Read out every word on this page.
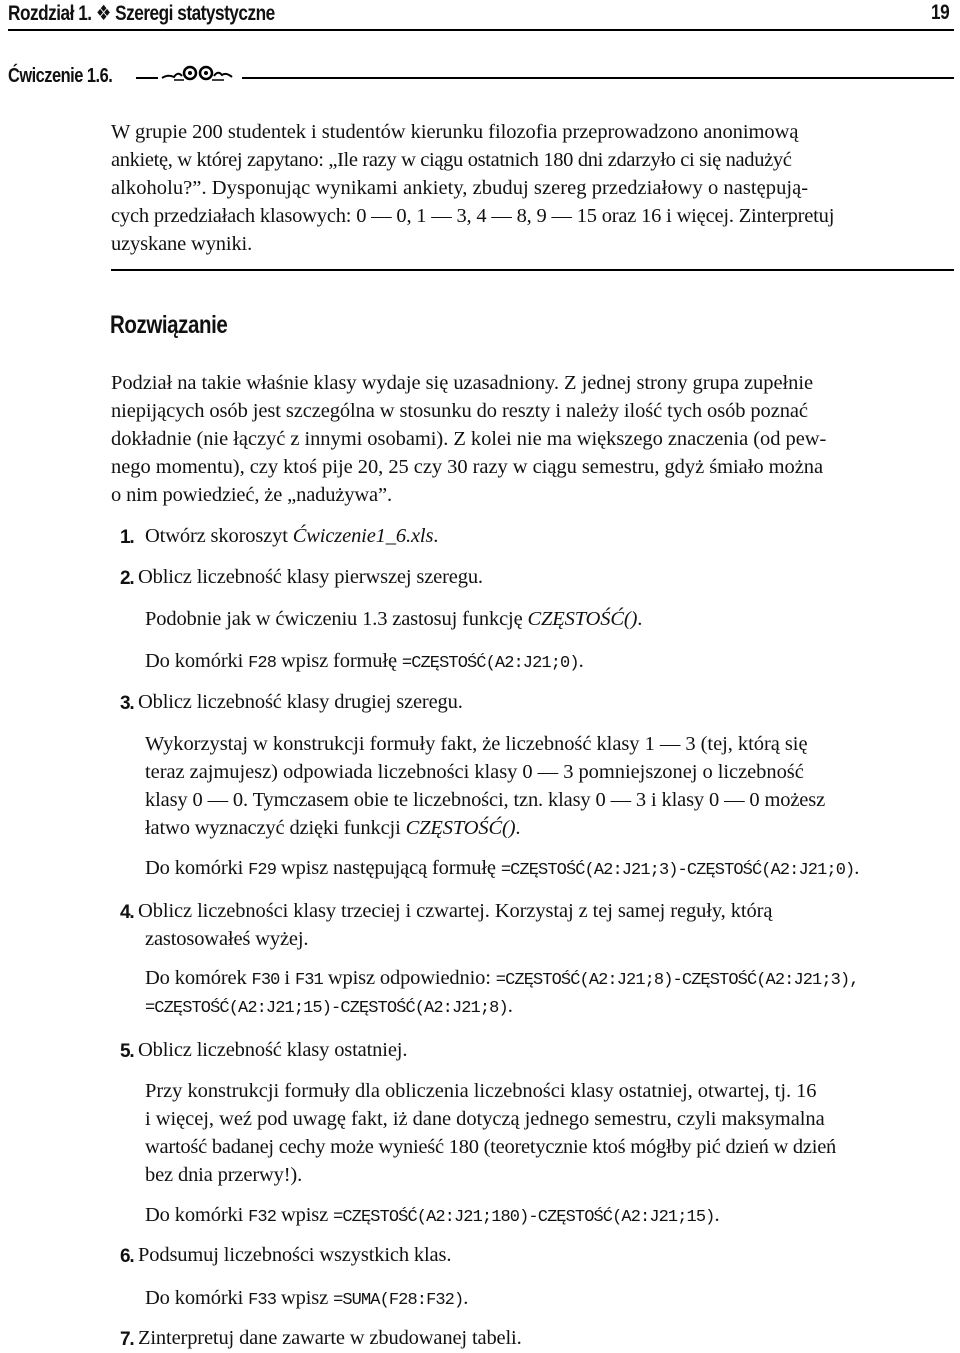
Rozdział 1. ❖ Szeregi statystyczne	19
Ćwiczenie 1.6.
W grupie 200 studentek i studentów kierunku filozofia przeprowadzono anonimową
ankietę, w której zapytano: „Ile razy w ciągu ostatnich 180 dni zdarzyło ci się nadużyć
alkoholu?”. Dysponując wynikami ankiety, zbuduj szereg przedziałowy o następują-
cych przedziałach klasowych: 0 — 0, 1 — 3, 4 — 8, 9 — 15 oraz 16 i więcej. Zinterpretuj
uzyskane wyniki.
Rozwiązanie
Podział na takie właśnie klasy wydaje się uzasadniony. Z jednej strony grupa zupełnie
niepijących osób jest szczególna w stosunku do reszty i należy ilość tych osób poznać
dokładnie (nie łączyć z innymi osobami). Z kolei nie ma większego znaczenia (od pew-
nego momentu), czy ktoś pije 20, 25 czy 30 razy w ciągu semestru, gdyż śmiało można
o nim powiedzieć, że „nadużywa”.
1. Otwórz skoroszyt Ćwiczenie1_6.xls.
2. Oblicz liczebność klasy pierwszej szeregu.
Podobnie jak w ćwiczeniu 1.3 zastosuj funkcję CZĘSTOŚĆ().
Do komórki F28 wpisz formułę =CZĘSTOŚĆ(A2:J21;0).
3. Oblicz liczebność klasy drugiej szeregu.
Wykorzystaj w konstrukcji formuły fakt, że liczebność klasy 1 — 3 (tej, którą się
teraz zajmujesz) odpowiada liczebności klasy 0 — 3 pomniejszonej o liczebność
klasy 0 — 0. Tymczasem obie te liczebności, tzn. klasy 0 — 3 i klasy 0 — 0 możesz
łatwo wyznaczyć dzięki funkcji CZĘSTOŚĆ().
Do komórki F29 wpisz następującą formułę =CZĘSTOŚĆ(A2:J21;3)-CZĘSTOŚĆ(A2:J21;0).
4. Oblicz liczebności klasy trzeciej i czwartej. Korzystaj z tej samej reguły, którą
zastosowałeś wyżej.
Do komórek F30 i F31 wpisz odpowiednio: =CZĘSTOŚĆ(A2:J21;8)-CZĘSTOŚĆ(A2:J21;3),
=CZĘSTOŚĆ(A2:J21;15)-CZĘSTOŚĆ(A2:J21;8).
5. Oblicz liczebność klasy ostatniej.
Przy konstrukcji formuły dla obliczenia liczebności klasy ostatniej, otwartej, tj. 16
i więcej, weź pod uwagę fakt, iż dane dotyczą jednego semestru, czyli maksymalna
wartość badanej cechy może wynieść 180 (teoretycznie ktoś mógłby pić dzień w dzień
bez dnia przerwy!).
Do komórki F32 wpisz =CZĘSTOŚĆ(A2:J21;180)-CZĘSTOŚĆ(A2:J21;15).
6. Podsumuj liczebności wszystkich klas.
Do komórki F33 wpisz =SUMA(F28:F32).
7. Zinterpretuj dane zawarte w zbudowanej tabeli.
